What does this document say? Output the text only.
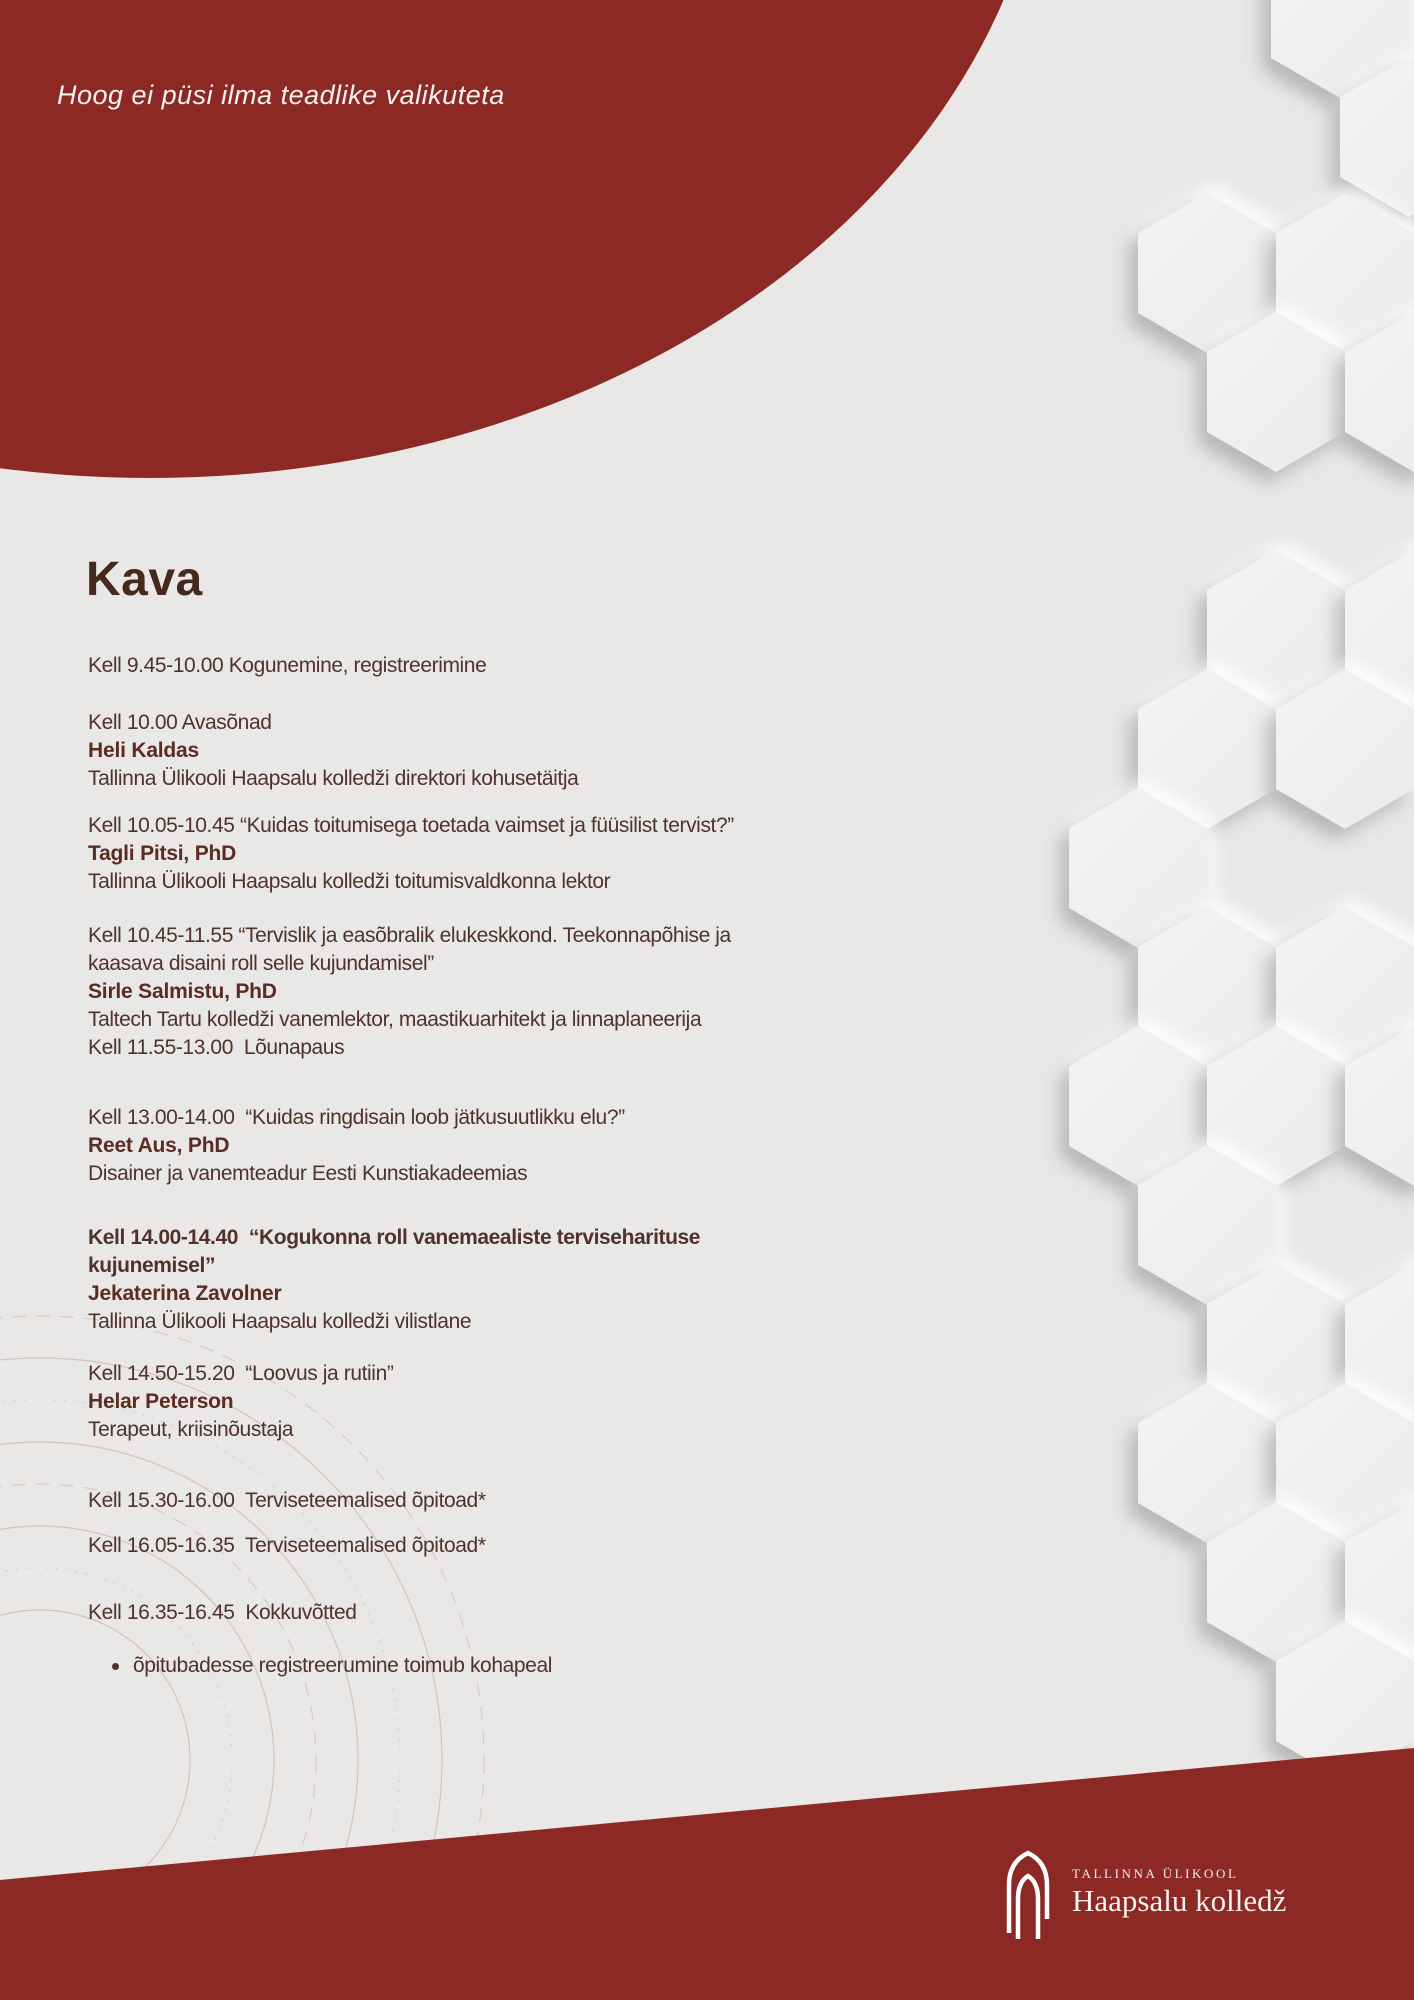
Hoog ei püsi ilma teadlike valikuteta
Kava
Kell 9.45-10.00 Kogunemine, registreerimine
Kell 10.00 Avasõnad
Heli Kaldas
Tallinna Ülikooli Haapsalu kolledži direktori kohusetäitja
Kell 10.05-10.45 “Kuidas toitumisega toetada vaimset ja füüsilist tervist?”
Tagli Pitsi, PhD
Tallinna Ülikooli Haapsalu kolledži toitumisvaldkonna lektor
Kell 10.45-11.55 “Tervislik ja easõbralik elukeskkond. Teekonnapõhise ja
kaasava disaini roll selle kujundamisel”
Sirle Salmistu, PhD
Taltech Tartu kolledži vanemlektor, maastikuarhitekt ja linnaplaneerija
Kell 11.55-13.00  Lõunapaus
Kell 13.00-14.00  “Kuidas ringdisain loob jätkusuutlikku elu?”
Reet Aus, PhD
Disainer ja vanemteadur Eesti Kunstiakadeemias
Kell 14.00-14.40  “Kogukonna roll vanemaealiste terviseharituse
kujunemisel”
Jekaterina Zavolner
Tallinna Ülikooli Haapsalu kolledži vilistlane
Kell 14.50-15.20  “Loovus ja rutiin”
Helar Peterson
Terapeut, kriisinõustaja
Kell 15.30-16.00  Terviseteemalised õpitoad*
Kell 16.05-16.35  Terviseteemalised õpitoad*
Kell 16.35-16.45  Kokkuvõtted
õpitubadesse registreerumine toimub kohapeal
TALLINNA ÜLIKOOL
Haapsalu kolledž
